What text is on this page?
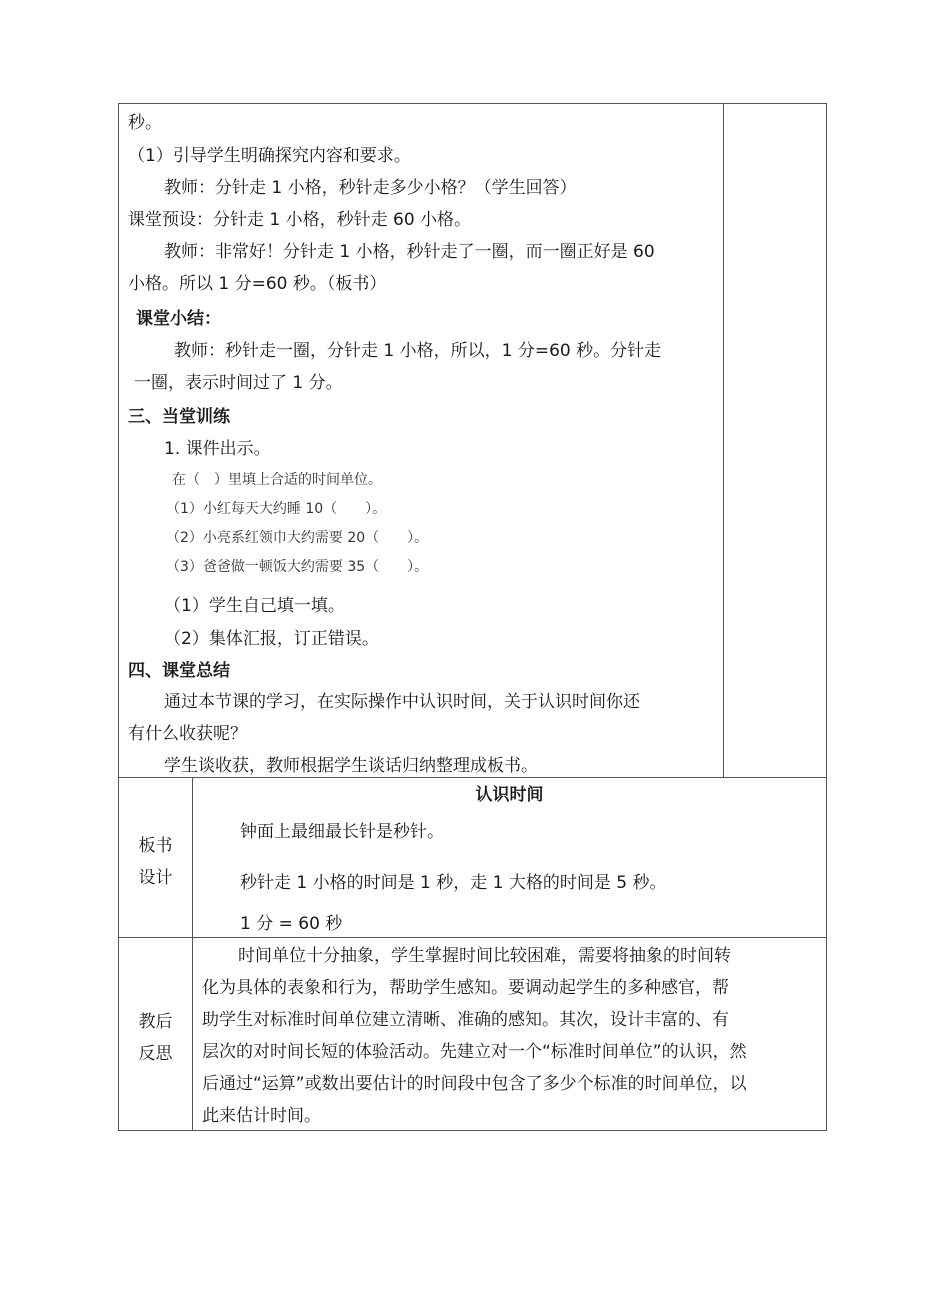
秒。
（1）引导学生明确探究内容和要求。
教师：分针走 1 小格，秒针走多少小格？（学生回答）
课堂预设：分针走 1 小格，秒针走 60 小格。
教师：非常好！分针走 1 小格，秒针走了一圈，而一圈正好是 60
小格。所以 1 分=60 秒。（板书）
课堂小结：
教师：秒针走一圈，分针走 1 小格，所以，1 分=60 秒。分针走
一圈，表示时间过了 1 分。
三、当堂训练
1. 课件出示。
在（　）里填上合适的时间单位。
（1）小红每天大约睡 10（　　）。
（2）小亮系红领巾大约需要 20（　　）。
（3）爸爸做一顿饭大约需要 35（　　）。
（1）学生自己填一填。
（2）集体汇报，订正错误。
四、课堂总结
通过本节课的学习，在实际操作中认识时间，关于认识时间你还
有什么收获呢？
学生谈收获，教师根据学生谈话归纳整理成板书。
板书
设计
认识时间
钟面上最细最长针是秒针。
秒针走 1 小格的时间是 1 秒，走 1 大格的时间是 5 秒。
1 分 = 60 秒
教后
反思
时间单位十分抽象，学生掌握时间比较困难，需要将抽象的时间转
化为具体的表象和行为，帮助学生感知。要调动起学生的多种感官，帮
助学生对标准时间单位建立清晰、准确的感知。其次，设计丰富的、有
层次的对时间长短的体验活动。先建立对一个“标准时间单位”的认识，然
后通过“运算”或数出要估计的时间段中包含了多少个标准的时间单位，以
此来估计时间。
